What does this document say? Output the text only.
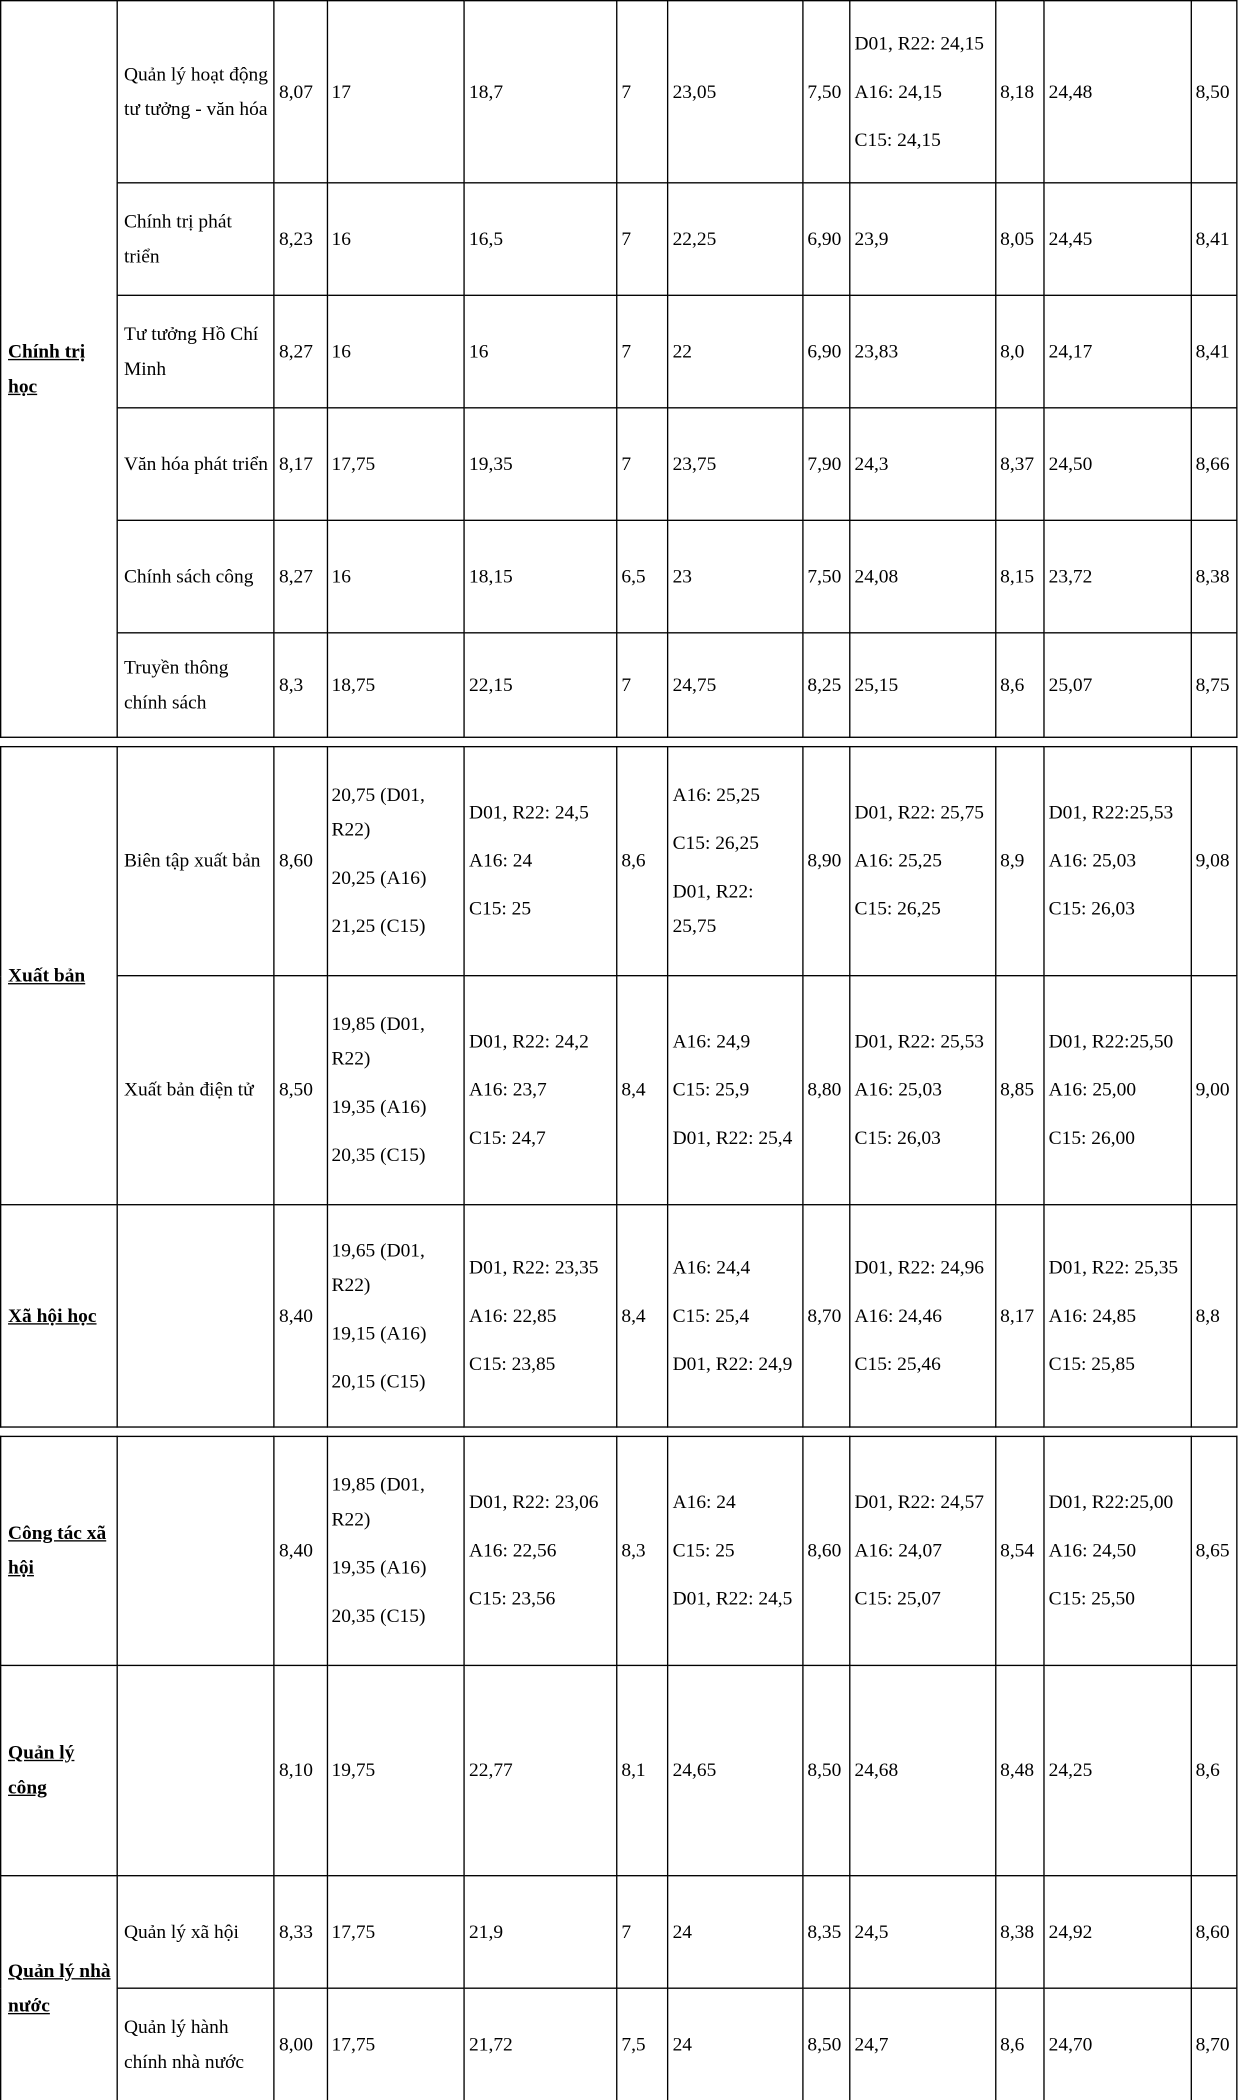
Chính trị học	Quản lý hoạt động tư tưởng - văn hóa	8,07	17	18,7	7	23,05	7,50	D01, R22: 24,15
A16: 24,15
C15: 24,15	8,18	24,48	8,50

	Chính trị phát triển	8,23	16	16,5	7	22,25	6,90	23,9	8,05	24,45	8,41

	Tư tưởng Hồ Chí Minh	8,27	16	16	7	22	6,90	23,83	8,0	24,17	8,41

	Văn hóa phát triển	8,17	17,75	19,35	7	23,75	7,90	24,3	8,37	24,50	8,66

	Chính sách công	8,27	16	18,15	6,5	23	7,50	24,08	8,15	23,72	8,38

	Truyền thông chính sách	8,3	18,75	22,15	7	24,75	8,25	25,15	8,6	25,07	8,75

Xuất bản	Biên tập xuất bản	8,60	20,75 (D01, R22)
20,25 (A16)
21,25 (C15)	D01, R22: 24,5
A16: 24
C15: 25	8,6	A16: 25,25
C15: 26,25
D01, R22: 25,75	8,90	D01, R22: 25,75
A16: 25,25
C15: 26,25	8,9	D01, R22:25,53
A16: 25,03
C15: 26,03	9,08

	Xuất bản điện tử	8,50	19,85 (D01, R22)
19,35 (A16)
20,35 (C15)	D01, R22: 24,2
A16: 23,7
C15: 24,7	8,4	A16: 24,9
C15: 25,9
D01, R22: 25,4	8,80	D01, R22: 25,53
A16: 25,03
C15: 26,03	8,85	D01, R22:25,50
A16: 25,00
C15: 26,00	9,00

Xã hội học		8,40	19,65 (D01, R22)
19,15 (A16)
20,15 (C15)	D01, R22: 23,35
A16: 22,85
C15: 23,85	8,4	A16: 24,4
C15: 25,4
D01, R22: 24,9	8,70	D01, R22: 24,96
A16: 24,46
C15: 25,46	8,17	D01, R22: 25,35
A16: 24,85
C15: 25,85	8,8

Công tác xã hội		8,40	19,85 (D01, R22)
19,35 (A16)
20,35 (C15)	D01, R22: 23,06
A16: 22,56
C15: 23,56	8,3	A16: 24
C15: 25
D01, R22: 24,5	8,60	D01, R22: 24,57
A16: 24,07
C15: 25,07	8,54	D01, R22:25,00
A16: 24,50
C15: 25,50	8,65

Quản lý công		8,10	19,75	22,77	8,1	24,65	8,50	24,68	8,48	24,25	8,6

Quản lý nhà nước	Quản lý xã hội	8,33	17,75	21,9	7	24	8,35	24,5	8,38	24,92	8,60

	Quản lý hành chính nhà nước	8,00	17,75	21,72	7,5	24	8,50	24,7	8,6	24,70	8,70
